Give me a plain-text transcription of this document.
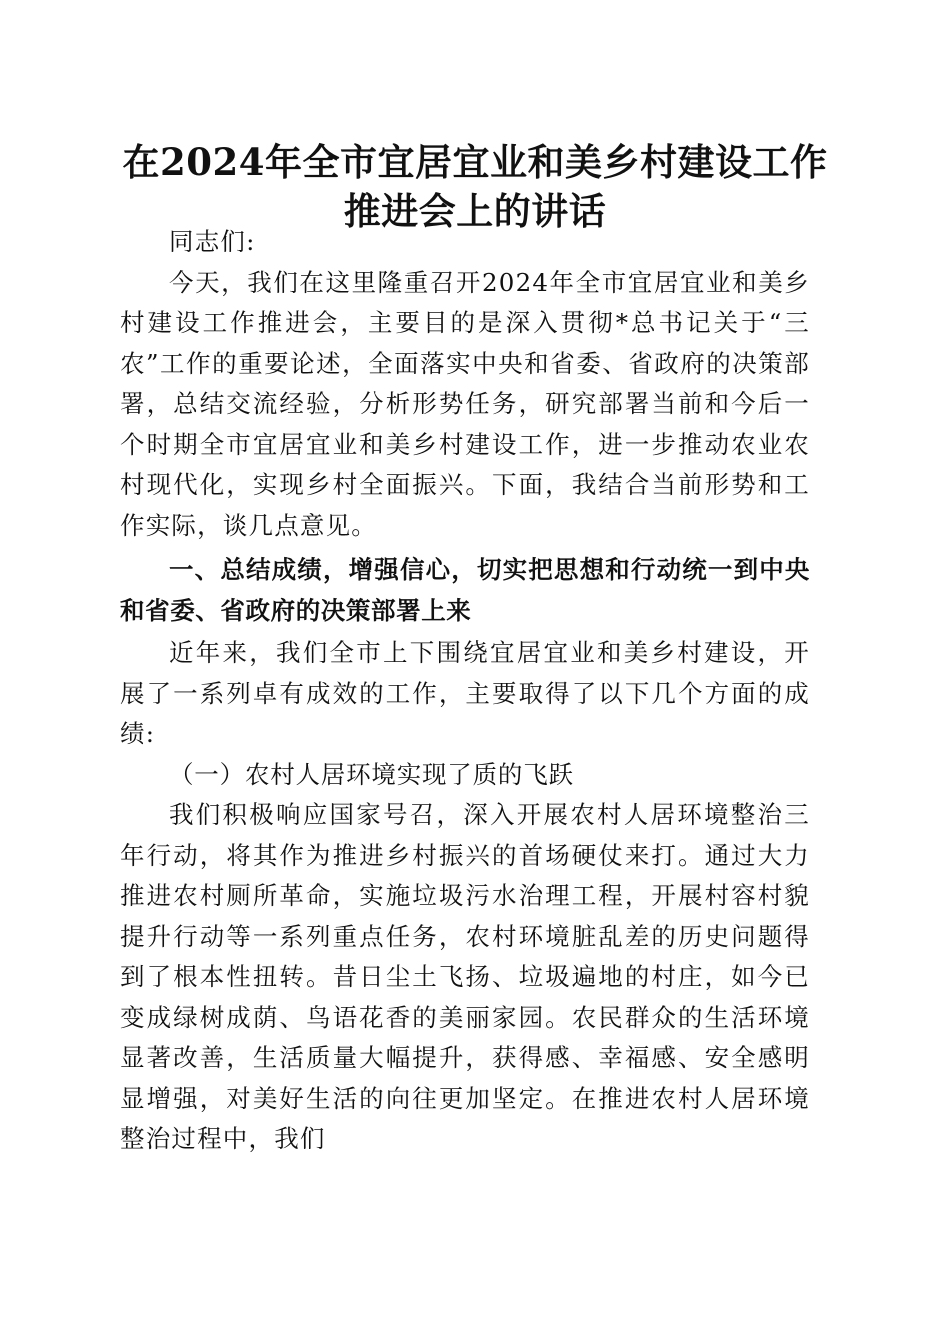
在2024年全市宜居宜业和美乡村建设工作推进会上的讲话

同志们:

今天，我们在这里隆重召开2024年全市宜居宜业和美乡村建设工作推进会，主要目的是深入贯彻*总书记关于“三农”工作的重要论述，全面落实中央和省委、省政府的决策部署，总结交流经验，分析形势任务，研究部署当前和今后一个时期全市宜居宜业和美乡村建设工作，进一步推动农业农村现代化，实现乡村全面振兴。下面，我结合当前形势和工作实际，谈几点意见。

一、总结成绩，增强信心，切实把思想和行动统一到中央和省委、省政府的决策部署上来

近年来，我们全市上下围绕宜居宜业和美乡村建设，开展了一系列卓有成效的工作，主要取得了以下几个方面的成绩:

（一）农村人居环境实现了质的飞跃

我们积极响应国家号召，深入开展农村人居环境整治三年行动，将其作为推进乡村振兴的首场硬仗来打。通过大力推进农村厕所革命，实施垃圾污水治理工程，开展村容村貌提升行动等一系列重点任务，农村环境脏乱差的历史问题得到了根本性扭转。昔日尘土飞扬、垃圾遍地的村庄，如今已变成绿树成荫、鸟语花香的美丽家园。农民群众的生活环境显著改善，生活质量大幅提升，获得感、幸福感、安全感明显增强，对美好生活的向往更加坚定。在推进农村人居环境整治过程中，我们
